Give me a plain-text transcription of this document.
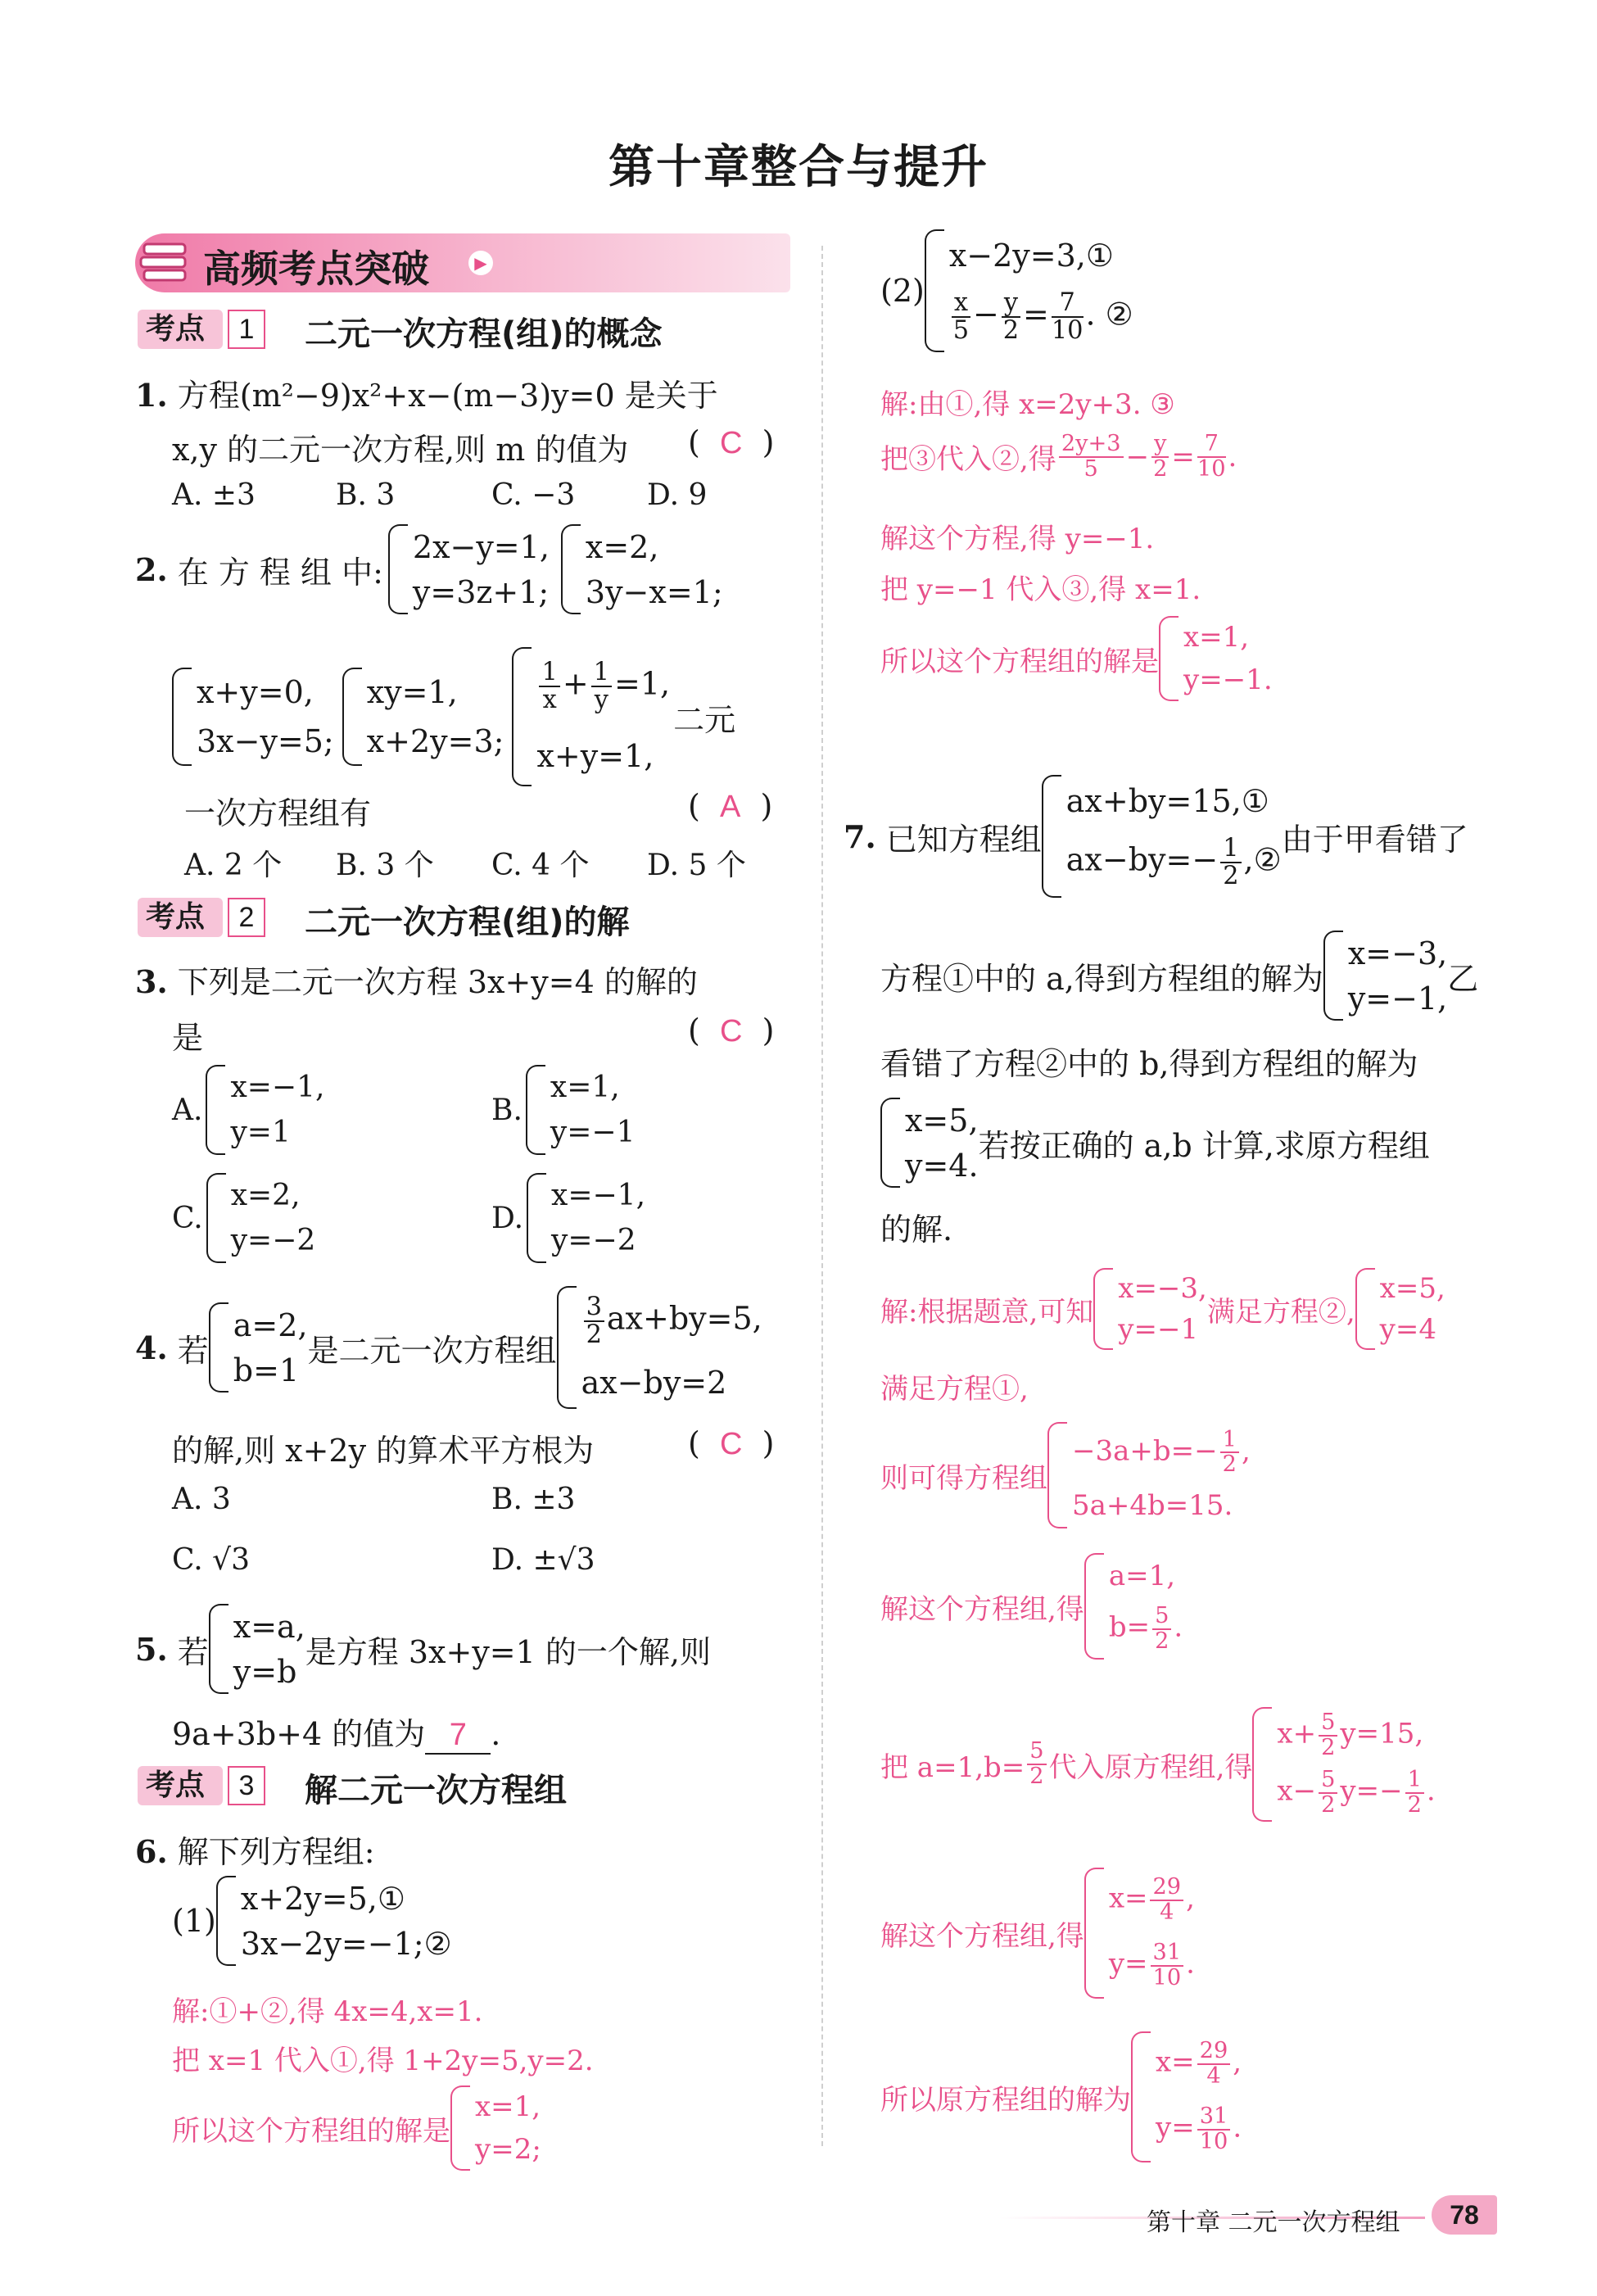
第十章整合与提升
高频考点突破	▶
考点	1	二元一次方程(组)的概念
1. 方程(m²−9)x²+x−(m−3)y=0 是关于
x,y 的二元一次方程,则 m 的值为 (  C  )
A. ±3	B. 3	C. −3 D. 9
2.
在 方 程 组 中:
2x−y=1,
y=3z+1;
x=2,
3y−x=1;
x+y=0,
3x−y=5;
xy=1,
x+2y=3;
$\frac{1}{x} + \frac{1}{y} =1$,
x+y=1,
二元
一次方程组有	(  A  )
A. 2 个 B. 3 个 C. 4 个 D. 5 个
考点	2	二元一次方程(组)的解
3. 下列是二元一次方程 3x+y=4 的解的
是	(  C  )
A.
x=−1,
y=1
B.
x=1,
y=−1
C.
x=2,
y=−2
D.
x=−1,
y=−2
4.
若
a=2,
b=1
是二元一次方程组
$\frac{3}{2} ax+by=5$,
ax−by=2
的解,则 x+2y 的算术平方根为	(  C  )
A. 3	B. ±3
C. √3	D. ±√3
5.
若
x=a,
y=b
是方程 3x+y=1 的一个解,则
9a+3b+4 的值为 7 .
考点	3	解二元一次方程组
6. 解下列方程组:
(1)
x+2y=5,①
3x−2y=−1;②
解:①+②,得 4x=4,x=1.
把 x=1 代入①,得 1+2y=5,y=2.
所以这个方程组的解是
x=1,
y=2;
(2)
x−2y=3,①
$\frac{x}{5} - \frac{y}{2} = \frac{7}{10}$ . ②
解:由①,得 x=2y+3. ③
把③代入②,得 $\frac{2y+3}{5} - \frac{y}{2} = \frac{7}{10}$ .
解这个方程,得 y=−1.
把 y=−1 代入③,得 x=1.
所以这个方程组的解是
x=1,
y=−1.
7.
已知方程组
ax+by=15,①
$ax-by=- \frac{1}{2}$ ,②
由于甲看错了
方程①中的 a,得到方程组的解为
x=−3,
y=−1,
乙
看错了方程②中的 b,得到方程组的解为
x=5,
y=4.
若按正确的 a,b 计算,求原方程组
的解.
解:根据题意,可知
x=−3,
y=−1
满足方程②,
x=5,
y=4
满足方程①,
则可得方程组
$-3a+b=- \frac{1}{2}$ ,
5a+4b=15.
解这个方程组,得
a=1,
$b= \frac{5}{2}$ .
把 $a=1,b= \frac{5}{2}$ 代入原方程组,得
$x+ \frac{5}{2} y=15$,
$x- \frac{5}{2} y=- \frac{1}{2}$ .
解这个方程组,得
$x= \frac{29}{4}$ ,
$y= \frac{31}{10}$ .
所以原方程组的解为
$x= \frac{29}{4}$ ,
$y= \frac{31}{10}$ .
第十章 二元一次方程组	78
